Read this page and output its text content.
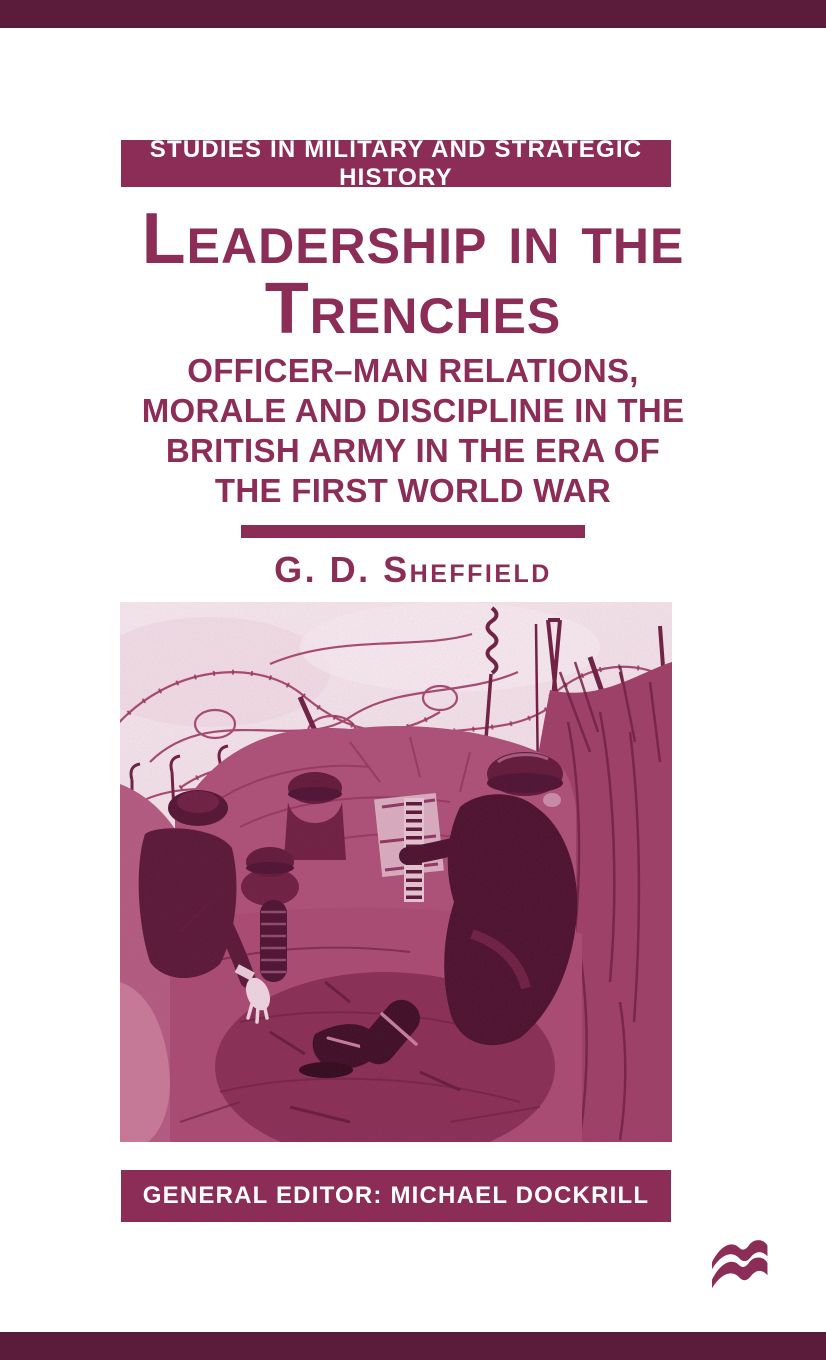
STUDIES IN MILITARY AND STRATEGIC HISTORY
Leadership in the
Trenches
OFFICER–MAN RELATIONS,
MORALE AND DISCIPLINE IN THE
BRITISH ARMY IN THE ERA OF
THE FIRST WORLD WAR
G. D. Sheffield
GENERAL EDITOR: MICHAEL DOCKRILL
